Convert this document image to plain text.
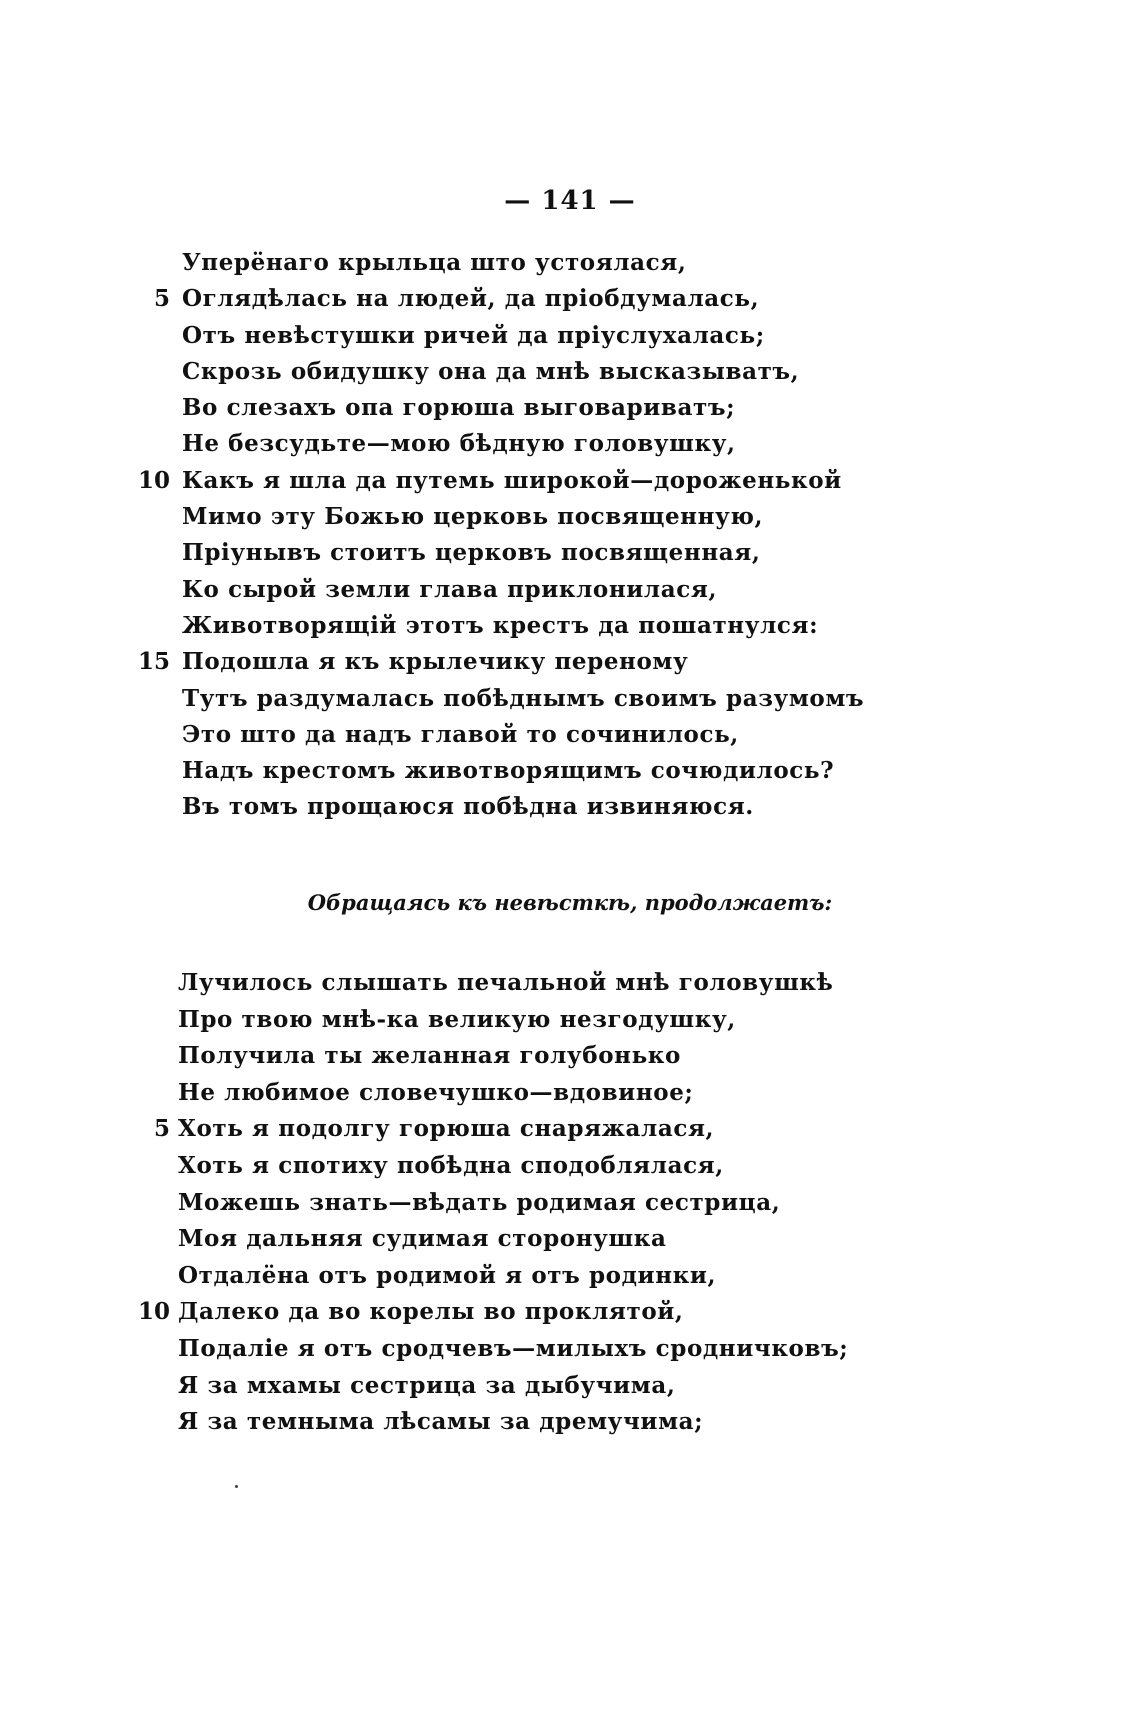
— 141 —
Уперёнаго крыльца што устоялася,
5 Оглядѣлась на людей, да пріобдумалась,
Отъ невѣстушки ричей да пріуслухалась;
Скрозь обидушку она да мнѣ высказыватъ,
Во слезахъ опа горюша выговариватъ;
Не безсудьте—мою бѣдную головушку,
10 Какъ я шла да путемь широкой—дороженькой
Мимо эту Божью церковь посвященную,
Пріунывъ стоитъ церковъ посвященная,
Ко сырой земли глава приклонилася,
Животворящій этотъ крестъ да пошатнулся:
15 Подошла я къ крылечику переному
Тутъ раздумалась побѣднымъ своимъ разумомъ
Это што да надъ главой то сочинилось,
Надъ крестомъ животворящимъ сочюдилось?
Въ томъ прощаюся побѣдна извиняюся.
Обращаясь къ невѣсткѣ, продолжаетъ:
Лучилось слышать печальной мнѣ головушкѣ
Про твою мнѣ-ка великую незгодушку,
Получила ты желанная голубонько
Не любимое словечушко—вдовиное;
5 Хоть я подолгу горюша снаряжалася,
Хоть я спотиху побѣдна сподоблялася,
Можешь знать—вѣдать родимая сестрица,
Моя дальняя судимая сторонушка
Отдалёна отъ родимой я отъ родинки,
10 Далеко да во корелы во проклятой,
Подаліе я отъ сродчевъ—милыхъ сродничковъ;
Я за мхамы сестрица за дыбучима,
Я за темныма лѣсамы за дремучима;
